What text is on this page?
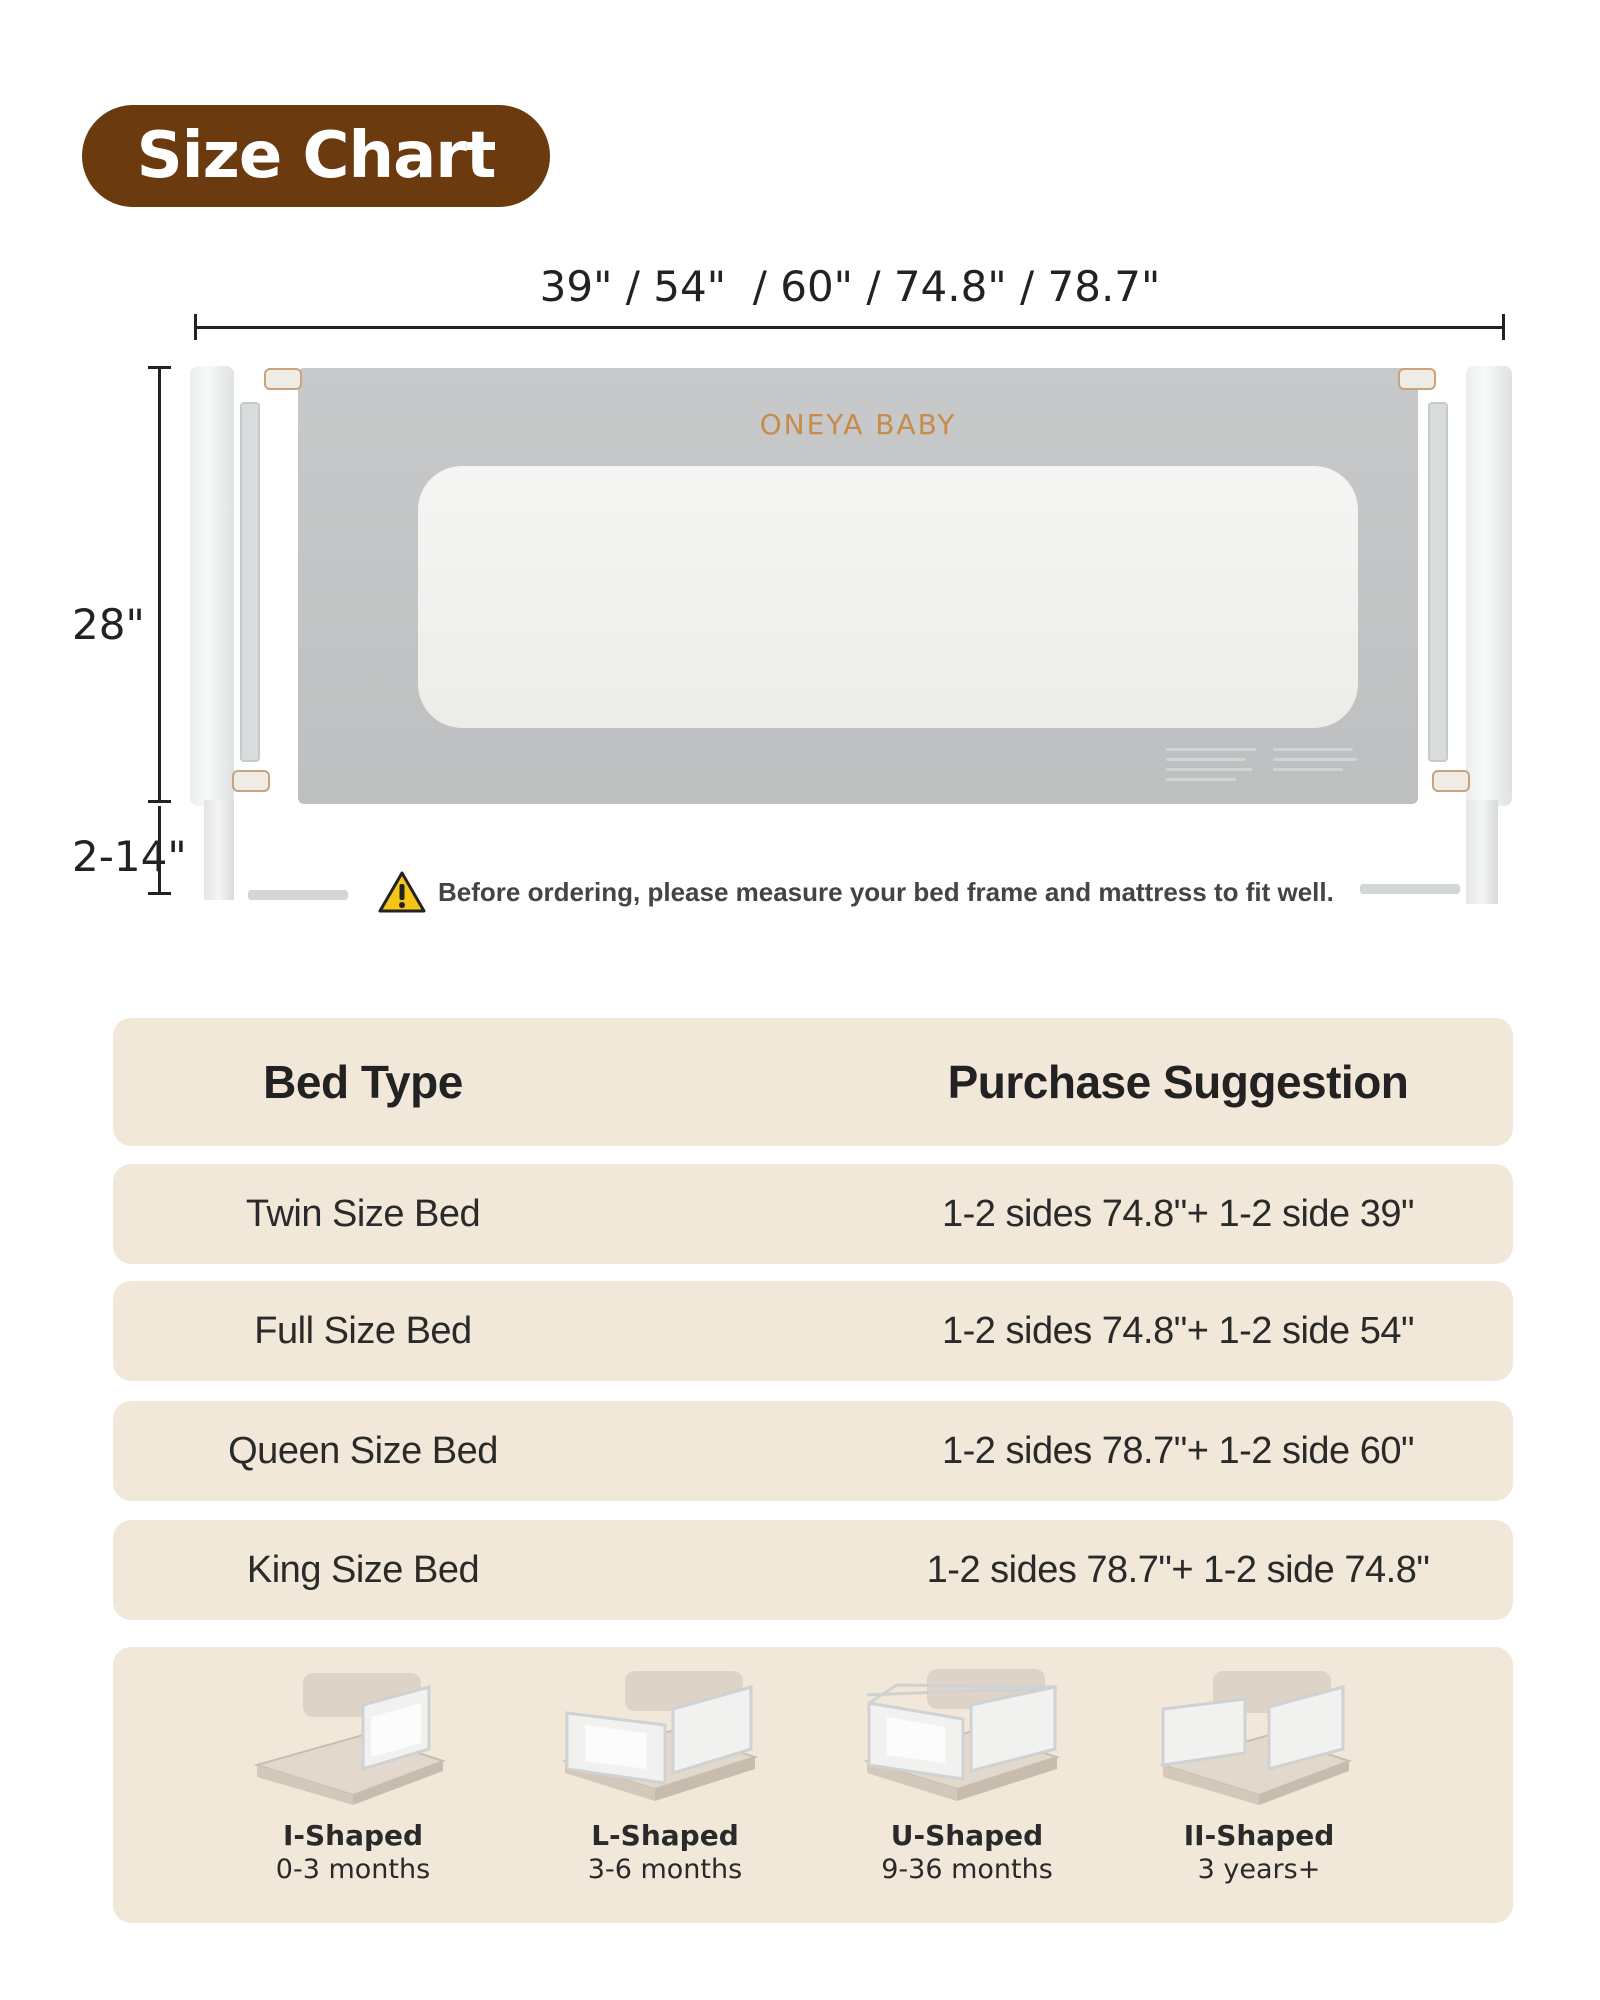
Size Chart
39" / 54"  / 60" / 74.8" / 78.7"
28"
2-14"
ONEYA BABY
Before ordering, please measure your bed frame and mattress to fit well.
Bed Type	Purchase Suggestion
Twin Size Bed	1-2 sides 74.8"+ 1-2 side 39"
Full Size Bed	1-2 sides 74.8"+ 1-2 side 54"
Queen Size Bed	1-2 sides 78.7"+ 1-2 side 60"
King Size Bed	1-2 sides 78.7"+ 1-2 side 74.8"
I-Shaped
0-3 months
L-Shaped
3-6 months
U-Shaped
9-36 months
II-Shaped
3 years+
